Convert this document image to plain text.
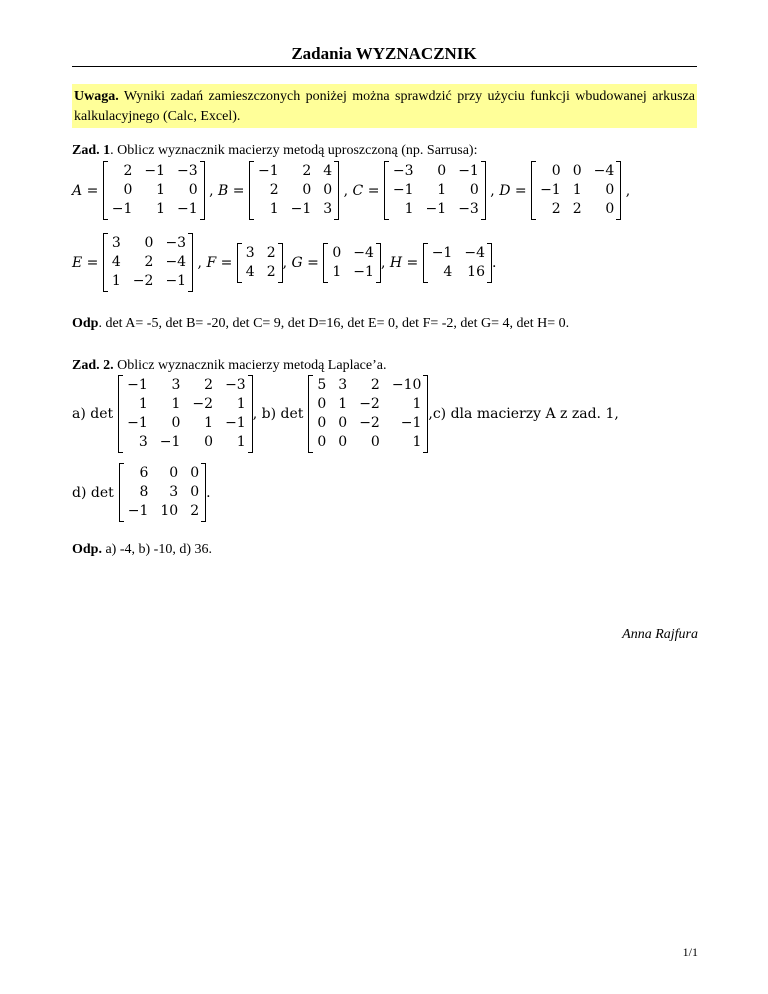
Zadania WYZNACZNIK
Uwaga. Wyniki zadań zamieszczonych poniżej można sprawdzić przy użyciu funkcji wbudowanej arkusza kalkulacyjnego (Calc, Excel).
Zad. 1. Oblicz wyznacznik macierzy metodą uproszczoną (np. Sarrusa):
A =
2	−1	−3
0	1	0
−1	1	−1
, B =
−1	2	4
2	0	0
1	−1	3
, C =
−3	0	−1
−1	1	0
1	−1	−3
, D =
0	0	−4
−1	1	0
2	2	0
,
E =
3	0	−3
4	2	−4
1	−2	−1
, F =
3	2
4	2
, G =
0	−4
1	−1
, H =
−1	−4
4	16
.
Odp. det A= -5, det B= -20, det C= 9, det D=16, det E= 0, det F= -2, det G= 4, det H= 0.
Zad. 2. Oblicz wyznacznik macierzy metodą Laplace’a.
a) det
−1	3	2	−3
1	1	−2	1
−1	0	1	−1
3	−1	0	1
, b) det
5	3	2	−10
0	1	−2	1
0	0	−2	−1
0	0	0	1
,c) dla macierzy A z zad. 1,
d) det
6	0	0
8	3	0
−1	10	2
.
Odp. a) -4, b) -10, d) 36.
Anna Rajfura
1/1
